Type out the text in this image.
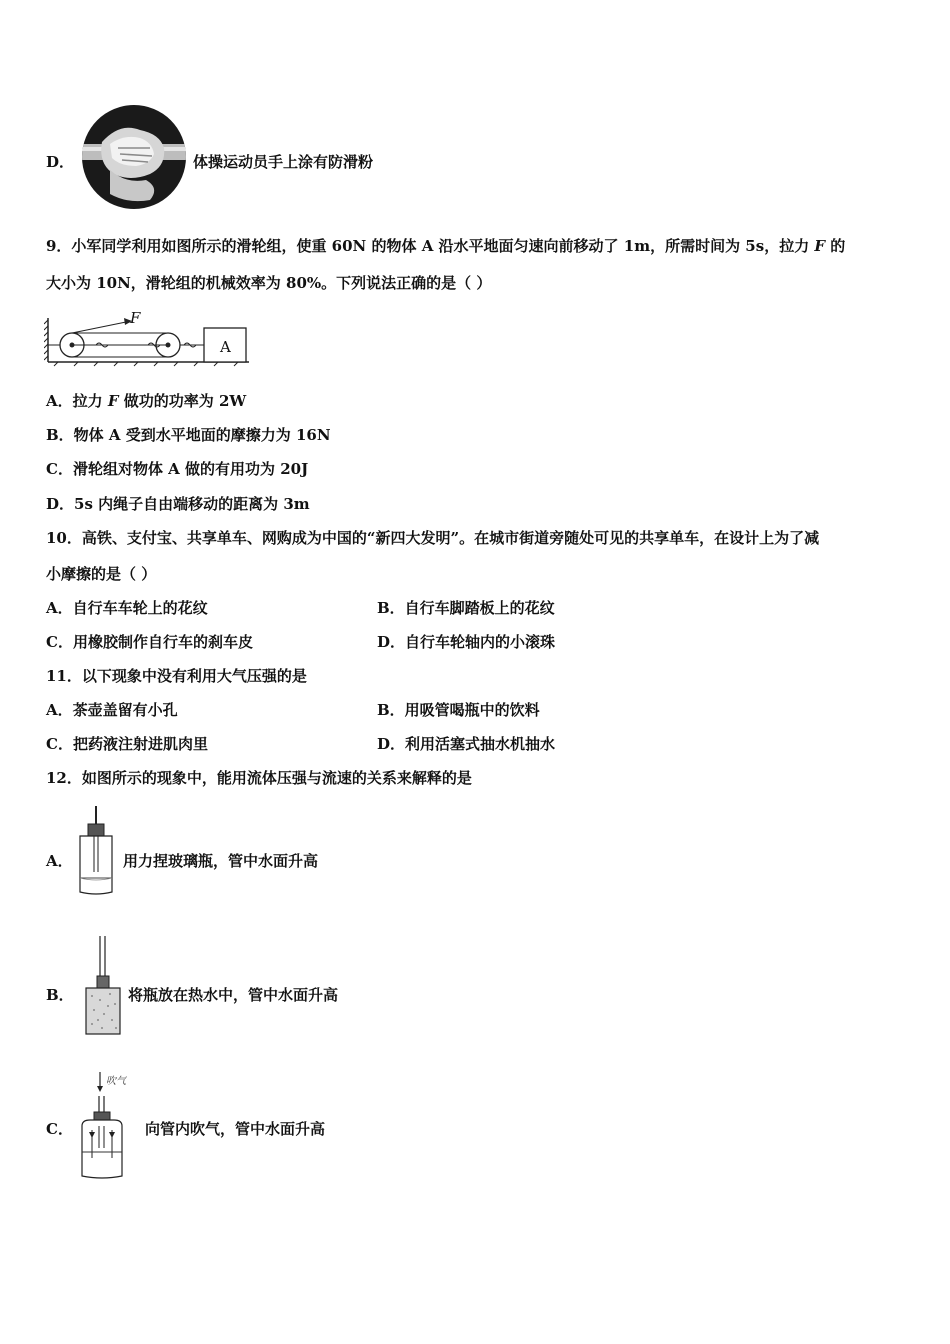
D．	体操运动员手上涂有防滑粉
9．小军同学利用如图所示的滑轮组，使重 60N 的物体 A 沿水平地面匀速向前移动了 1m，所需时间为 5s，拉力 F 的
大小为 10N，滑轮组的机械效率为 80%。下列说法正确的是（ ）
F
A
A．拉力 F 做功的功率为 2W
B．物体 A 受到水平地面的摩擦力为 16N
C．滑轮组对物体 A 做的有用功为 20J
D．5s 内绳子自由端移动的距离为 3m
10．高铁、支付宝、共享单车、网购成为中国的“新四大发明”。在城市街道旁随处可见的共享单车，在设计上为了减
小摩擦的是（ ）
A．自行车车轮上的花纹	B．自行车脚踏板上的花纹
C．用橡胶制作自行车的刹车皮	D．自行车轮轴内的小滚珠
11．以下现象中没有利用大气压强的是
A．茶壶盖留有小孔	B．用吸管喝瓶中的饮料
C．把药液注射进肌肉里	D．利用活塞式抽水机抽水
12．如图所示的现象中，能用流体压强与流速的关系来解释的是
A．	用力捏玻璃瓶，管中水面升高
B．	将瓶放在热水中，管中水面升高
C．
吹气
向管内吹气，管中水面升高
